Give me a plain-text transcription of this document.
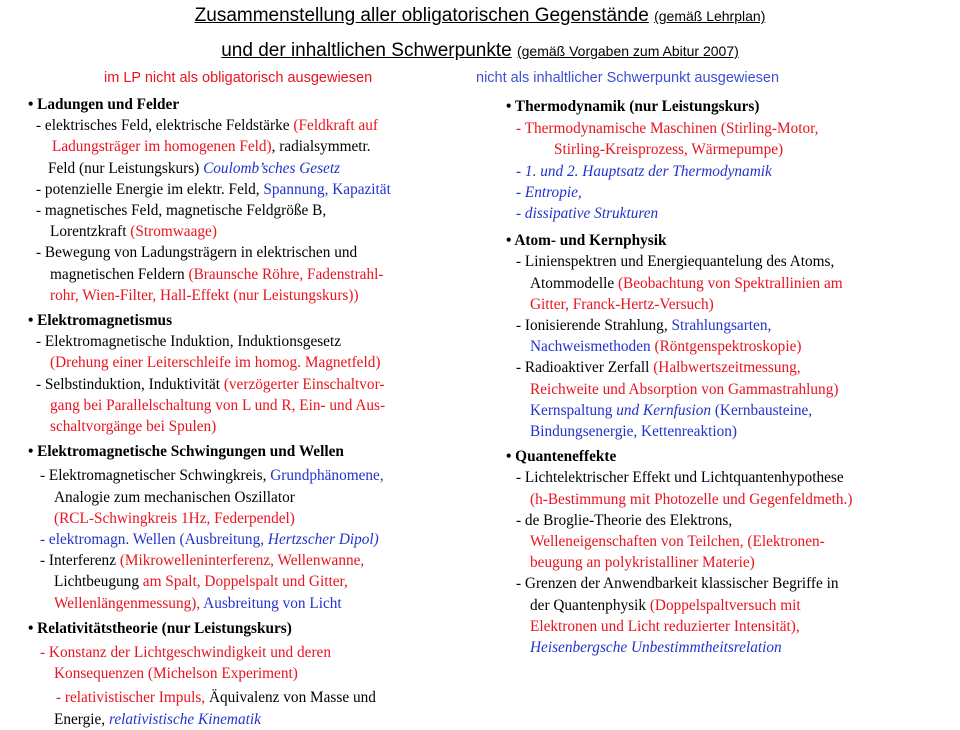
Zusammenstellung aller obligatorischen Gegenstände (gemäß Lehrplan)
und der inhaltlichen Schwerpunkte (gemäß Vorgaben zum Abitur 2007)
im LP nicht als obligatorisch ausgewiesen	nicht als inhaltlicher Schwerpunkt ausgewiesen
• Ladungen und Felder
- elektrisches Feld, elektrische Feldstärke (Feldkraft auf
Ladungsträger im homogenen Feld), radialsymmetr.
Feld (nur Leistungskurs) Coulomb’sches Gesetz
- potenzielle Energie im elektr. Feld, Spannung, Kapazität
- magnetisches Feld, magnetische Feldgröße B,
Lorentzkraft (Stromwaage)
- Bewegung von Ladungsträgern in elektrischen und
magnetischen Feldern (Braunsche Röhre, Fadenstrahl-
rohr, Wien-Filter, Hall-Effekt (nur Leistungskurs))
• Elektromagnetismus
- Elektromagnetische Induktion, Induktionsgesetz
(Drehung einer Leiterschleife im homog. Magnetfeld)
- Selbstinduktion, Induktivität (verzögerter Einschaltvor-
gang bei Parallelschaltung von L und R, Ein- und Aus-
schaltvorgänge bei Spulen)
• Elektromagnetische Schwingungen und Wellen
- Elektromagnetischer Schwingkreis, Grundphänomene,
Analogie zum mechanischen Oszillator
(RCL-Schwingkreis 1Hz, Federpendel)
- elektromagn. Wellen (Ausbreitung, Hertzscher Dipol)
- Interferenz (Mikrowelleninterferenz, Wellenwanne,
Lichtbeugung am Spalt, Doppelspalt und Gitter,
Wellenlängenmessung), Ausbreitung von Licht
• Relativitätstheorie (nur Leistungskurs)
- Konstanz der Lichtgeschwindigkeit und deren
Konsequenzen (Michelson Experiment)
- relativistischer Impuls, Äquivalenz von Masse und
Energie, relativistische Kinematik
• Thermodynamik (nur Leistungskurs)
- Thermodynamische Maschinen (Stirling-Motor,
Stirling-Kreisprozess, Wärmepumpe)
- 1. und 2. Hauptsatz der Thermodynamik
- Entropie,
- dissipative Strukturen
• Atom- und Kernphysik
- Linienspektren und Energiequantelung des Atoms,
Atommodelle (Beobachtung von Spektrallinien am
Gitter, Franck-Hertz-Versuch)
- Ionisierende Strahlung, Strahlungsarten,
Nachweismethoden (Röntgenspektroskopie)
- Radioaktiver Zerfall (Halbwertszeitmessung,
Reichweite und Absorption von Gammastrahlung)
Kernspaltung und Kernfusion (Kernbausteine,
Bindungsenergie, Kettenreaktion)
• Quanteneffekte
- Lichtelektrischer Effekt und Lichtquantenhypothese
(h-Bestimmung mit Photozelle und Gegenfeldmeth.)
- de Broglie-Theorie des Elektrons,
Welleneigenschaften von Teilchen, (Elektronen-
beugung an polykristalliner Materie)
- Grenzen der Anwendbarkeit klassischer Begriffe in
der Quantenphysik (Doppelspaltversuch mit
Elektronen und Licht reduzierter Intensität),
Heisenbergsche Unbestimmtheitsrelation
